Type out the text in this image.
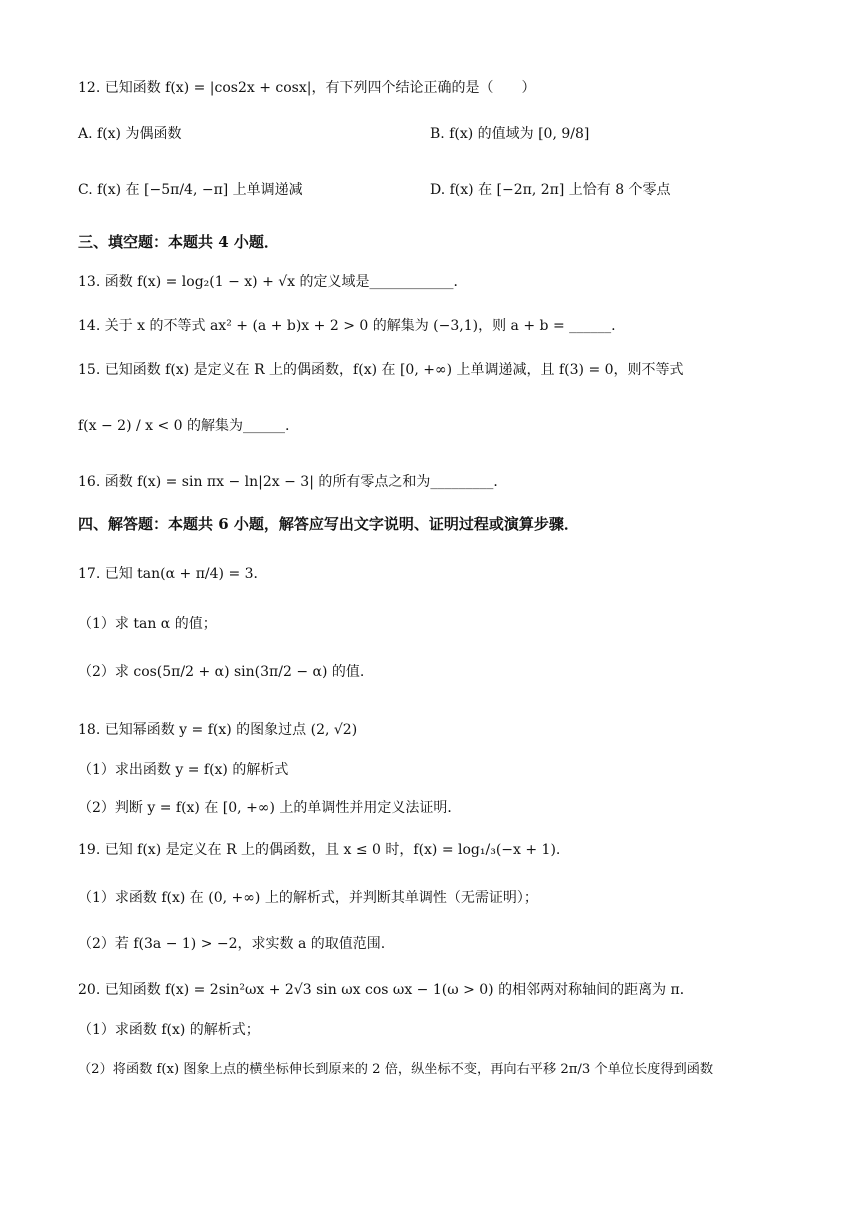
12. 已知函数 f(x) = |cos2x + cosx|，有下列四个结论正确的是（　　）
A. f(x) 为偶函数	B. f(x) 的值域为 [0, 9/8]
C. f(x) 在 [−5π/4, −π] 上单调递减	D. f(x) 在 [−2π, 2π] 上恰有 8 个零点
三、填空题：本题共 4 小题．
13. 函数 f(x) = log₂(1 − x) + √x 的定义域是____________．
14. 关于 x 的不等式 ax² + (a + b)x + 2 > 0 的解集为 (−3,1)，则 a + b = ______.
15. 已知函数 f(x) 是定义在 R 上的偶函数，f(x) 在 [0, +∞) 上单调递减，且 f(3) = 0，则不等式
f(x − 2) / x < 0 的解集为______.
16. 函数 f(x) = sin πx − ln|2x − 3| 的所有零点之和为_________．
四、解答题：本题共 6 小题，解答应写出文字说明、证明过程或演算步骤．
17. 已知 tan(α + π/4) = 3．
（1）求 tan α 的值；
（2）求 cos(5π/2 + α) sin(3π/2 − α) 的值.
18. 已知幂函数 y = f(x) 的图象过点 (2, √2)
（1）求出函数 y = f(x) 的解析式
（2）判断 y = f(x) 在 [0, +∞) 上的单调性并用定义法证明．
19. 已知 f(x) 是定义在 R 上的偶函数，且 x ≤ 0 时，f(x) = log₁/₃(−x + 1).
（1）求函数 f(x) 在 (0, +∞) 上的解析式，并判断其单调性（无需证明）；
（2）若 f(3a − 1) > −2，求实数 a 的取值范围.
20. 已知函数 f(x) = 2sin²ωx + 2√3 sin ωx cos ωx − 1(ω > 0) 的相邻两对称轴间的距离为 π．
（1）求函数 f(x) 的解析式；
（2）将函数 f(x) 图象上点的横坐标伸长到原来的 2 倍，纵坐标不变，再向右平移 2π/3 个单位长度得到函数
